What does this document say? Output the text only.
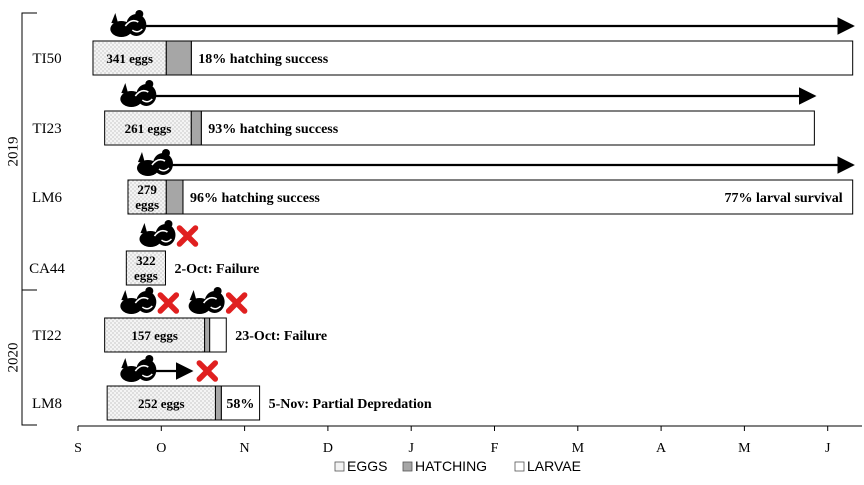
2019
2020
TI50
TI23
LM6
CA44
TI22
LM8
S	O	N	D	J	F	M	A	M	J
341 eggs	18% hatching success
261 eggs	93% hatching success
279
eggs 96% hatching success	77% larval survival
322
eggs 2-Oct: Failure
157 eggs	23-Oct: Failure
252 eggs	58% 5-Nov: Partial Depredation
EGGS HATCHING	LARVAE
